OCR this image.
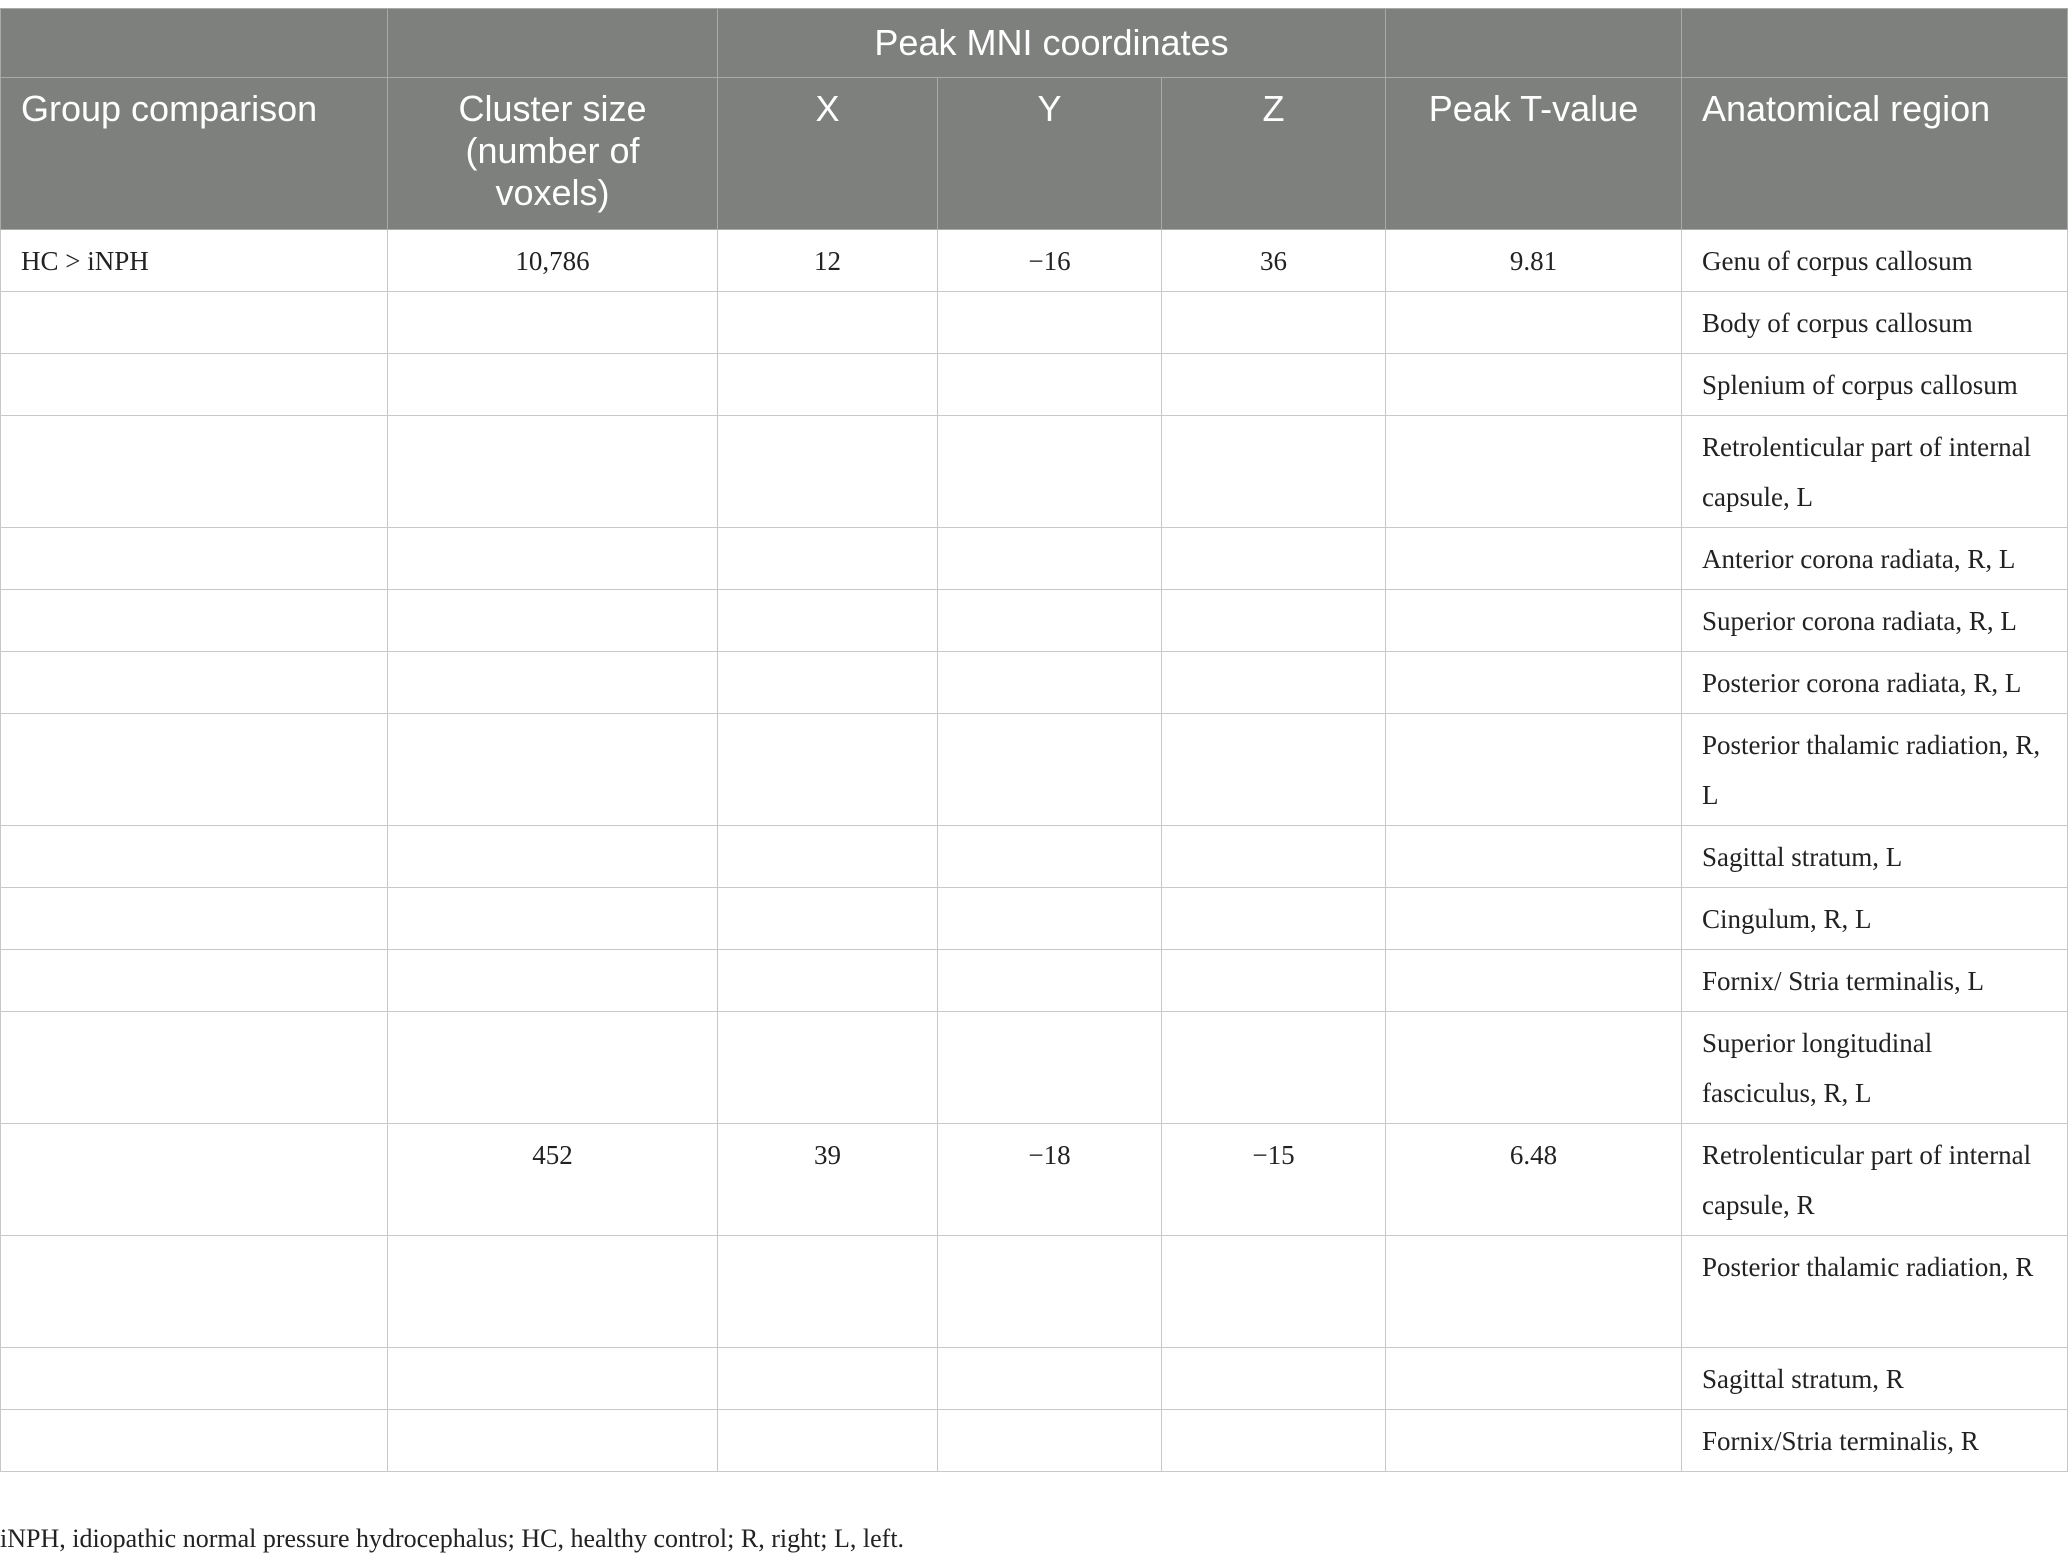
		Peak MNI coordinates				
Group comparison	Cluster size (number of voxels)	X	Y	Z	Peak T-value	Anatomical region
HC > iNPH	10,786	12	−16	36	9.81	Genu of corpus callosum
						Body of corpus callosum
						Splenium of corpus callosum
						Retrolenticular part of internal capsule, L
						Anterior corona radiata, R, L
						Superior corona radiata, R, L
						Posterior corona radiata, R, L
						Posterior thalamic radiation, R, L
						Sagittal stratum, L
						Cingulum, R, L
						Fornix/ Stria terminalis, L
						Superior longitudinal fasciculus, R, L
	452	39	−18	−15	6.48	Retrolenticular part of internal capsule, R
						Posterior thalamic radiation, R
						Sagittal stratum, R
						Fornix/Stria terminalis, R
iNPH, idiopathic normal pressure hydrocephalus; HC, healthy control; R, right; L, left.
